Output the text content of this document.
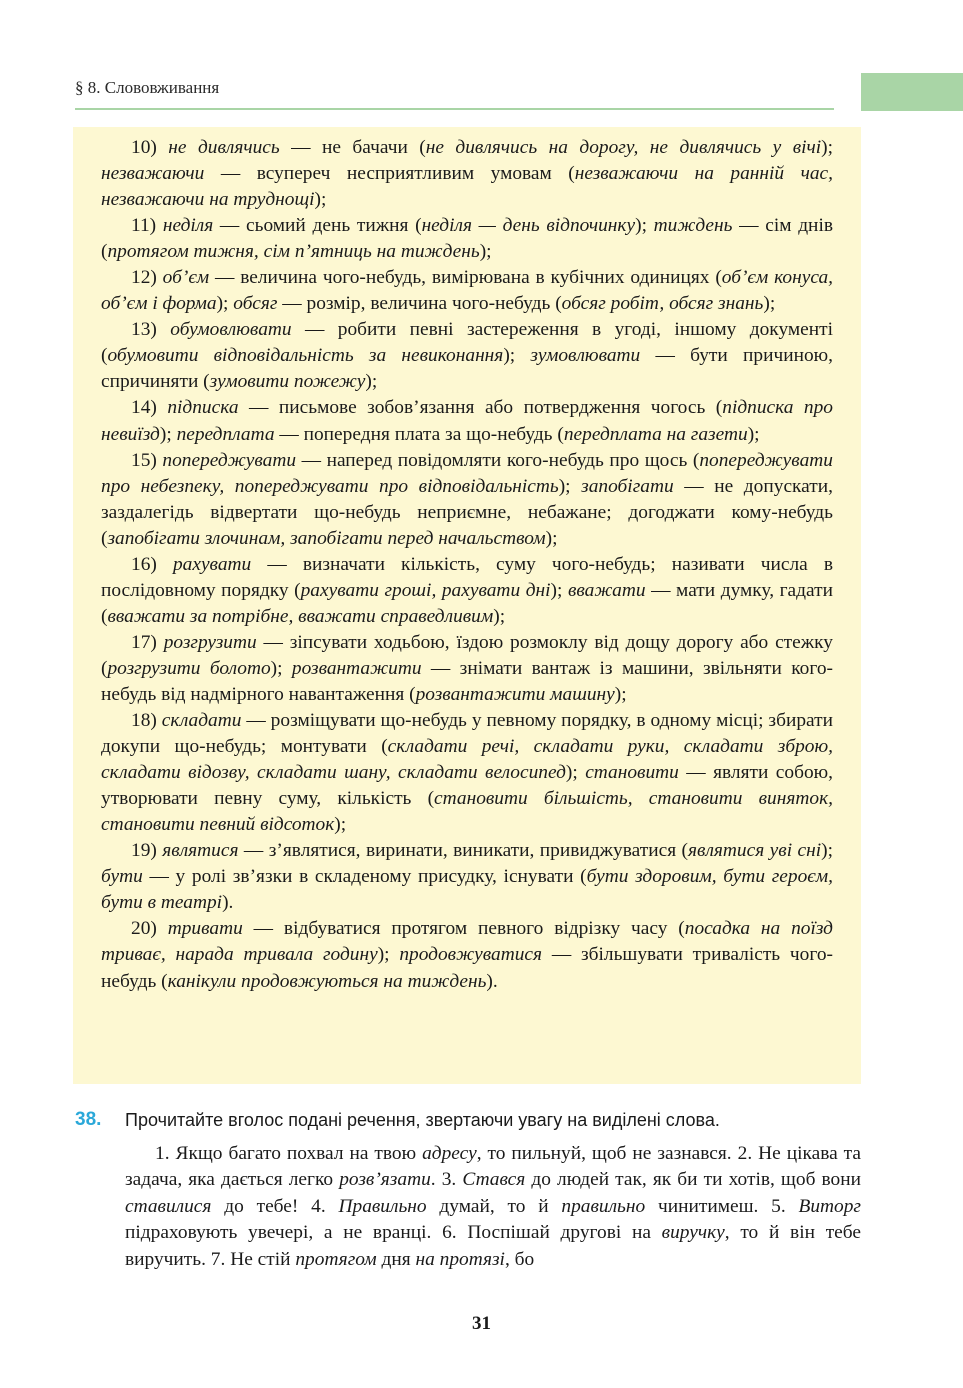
§ 8. Слововживання

10) не дивлячись — не бачачи (не дивлячись на дорогу, не дивлячись у вічі); незважаючи — всупереч несприятливим умовам (незважаючи на ранній час, незважаючи на труднощі);

11) неділя — сьомий день тижня (неділя — день відпочинку); тиждень — сім днів (протягом тижня, сім п’ятниць на тиждень);

12) об’єм — величина чого-небудь, вимірювана в кубічних одиницях (об’єм конуса, об’єм і форма); обсяг — розмір, величина чого-небудь (обсяг робіт, обсяг знань);

13) обумовлювати — робити певні застереження в угоді, іншому документі (обумовити відповідальність за невиконання); зумовлювати — бути причиною, спричиняти (зумовити пожежу);

14) підписка — письмове зобов’язання або потвердження чогось (підписка про невиїзд); передплата — попередня плата за що-небудь (передплата на газети);

15) попереджувати — наперед повідомляти кого-небудь про щось (попереджувати про небезпеку, попереджувати про відповідальність); запобігати — не допускати, заздалегідь відвертати що-небудь неприємне, небажане; догоджати кому-небудь (запобігати злочинам, запобігати перед начальством);

16) рахувати — визначати кількість, суму чого-небудь; називати числа в послідовному порядку (рахувати гроші, рахувати дні); вважати — мати думку, гадати (вважати за потрібне, вважати справедливим);

17) розгрузити — зіпсувати ходьбою, їздою розмоклу від дощу дорогу або стежку (розгрузити болото); розвантажити — знімати вантаж із машини, звільняти кого-небудь від надмірного навантаження (розвантажити машину);

18) складати — розміщувати що-небудь у певному порядку, в одному місці; збирати докупи що-небудь; монтувати (складати речі, складати руки, складати зброю, складати відозву, складати шану, складати велосипед); становити — являти собою, утворювати певну суму, кількість (становити більшість, становити виняток, становити певний відсоток);

19) являтися — з’являтися, виринати, виникати, привиджуватися (являтися уві сні); бути — у ролі зв’язки в складеному присудку, існувати (бути здоровим, бути героєм, бути в театрі).

20) тривати — відбуватися протягом певного відрізку часу (посадка на поїзд триває, нарада тривала годину); продовжуватися — збільшувати тривалість чого-небудь (канікули продовжуються на тиждень).

38. Прочитайте вголос подані речення, звертаючи увагу на виділені слова.

1. Якщо багато похвал на твою адресу, то пильнуй, щоб не зазнався. 2. Не цікава та задача, яка дається легко розв’язати. 3. Стався до людей так, як би ти хотів, щоб вони ставилися до тебе! 4. Правильно думай, то й правильно чинитимеш. 5. Виторг підраховують увечері, а не вранці. 6. Поспішай другові на виручку, то й він тебе виручить. 7. Не стій протягом дня на протязі, бо

31
